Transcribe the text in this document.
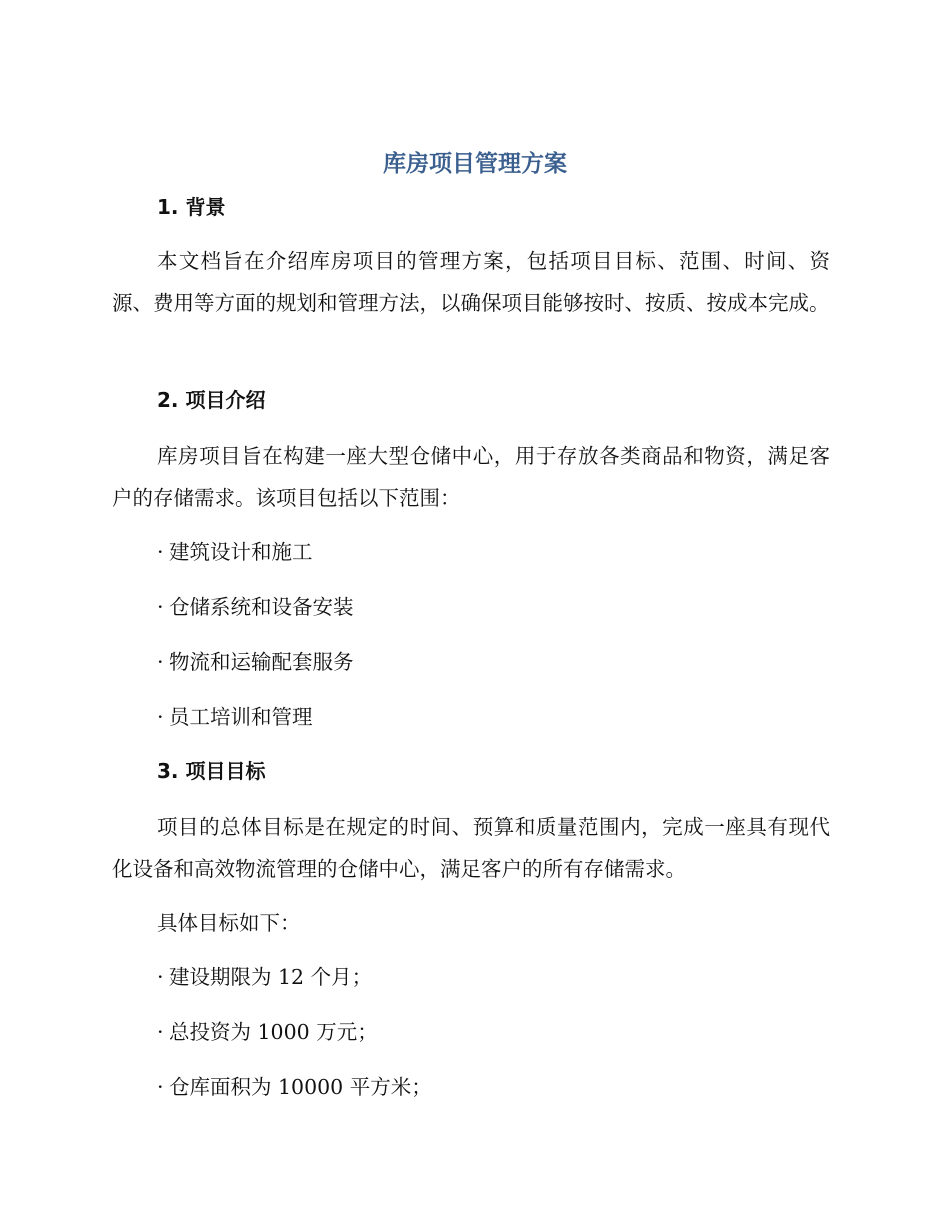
库房项目管理方案
1. 背景

本文档旨在介绍库房项目的管理方案，包括项目目标、范围、时间、资源、费用等方面的规划和管理方法，以确保项目能够按时、按质、按成本完成。

2. 项目介绍

库房项目旨在构建一座大型仓储中心，用于存放各类商品和物资，满足客户的存储需求。该项目包括以下范围：

· 建筑设计和施工
· 仓储系统和设备安装
· 物流和运输配套服务
· 员工培训和管理
3. 项目目标

项目的总体目标是在规定的时间、预算和质量范围内，完成一座具有现代化设备和高效物流管理的仓储中心，满足客户的所有存储需求。

具体目标如下：

· 建设期限为 12 个月；
· 总投资为 1000 万元；
· 仓库面积为 10000 平方米；
